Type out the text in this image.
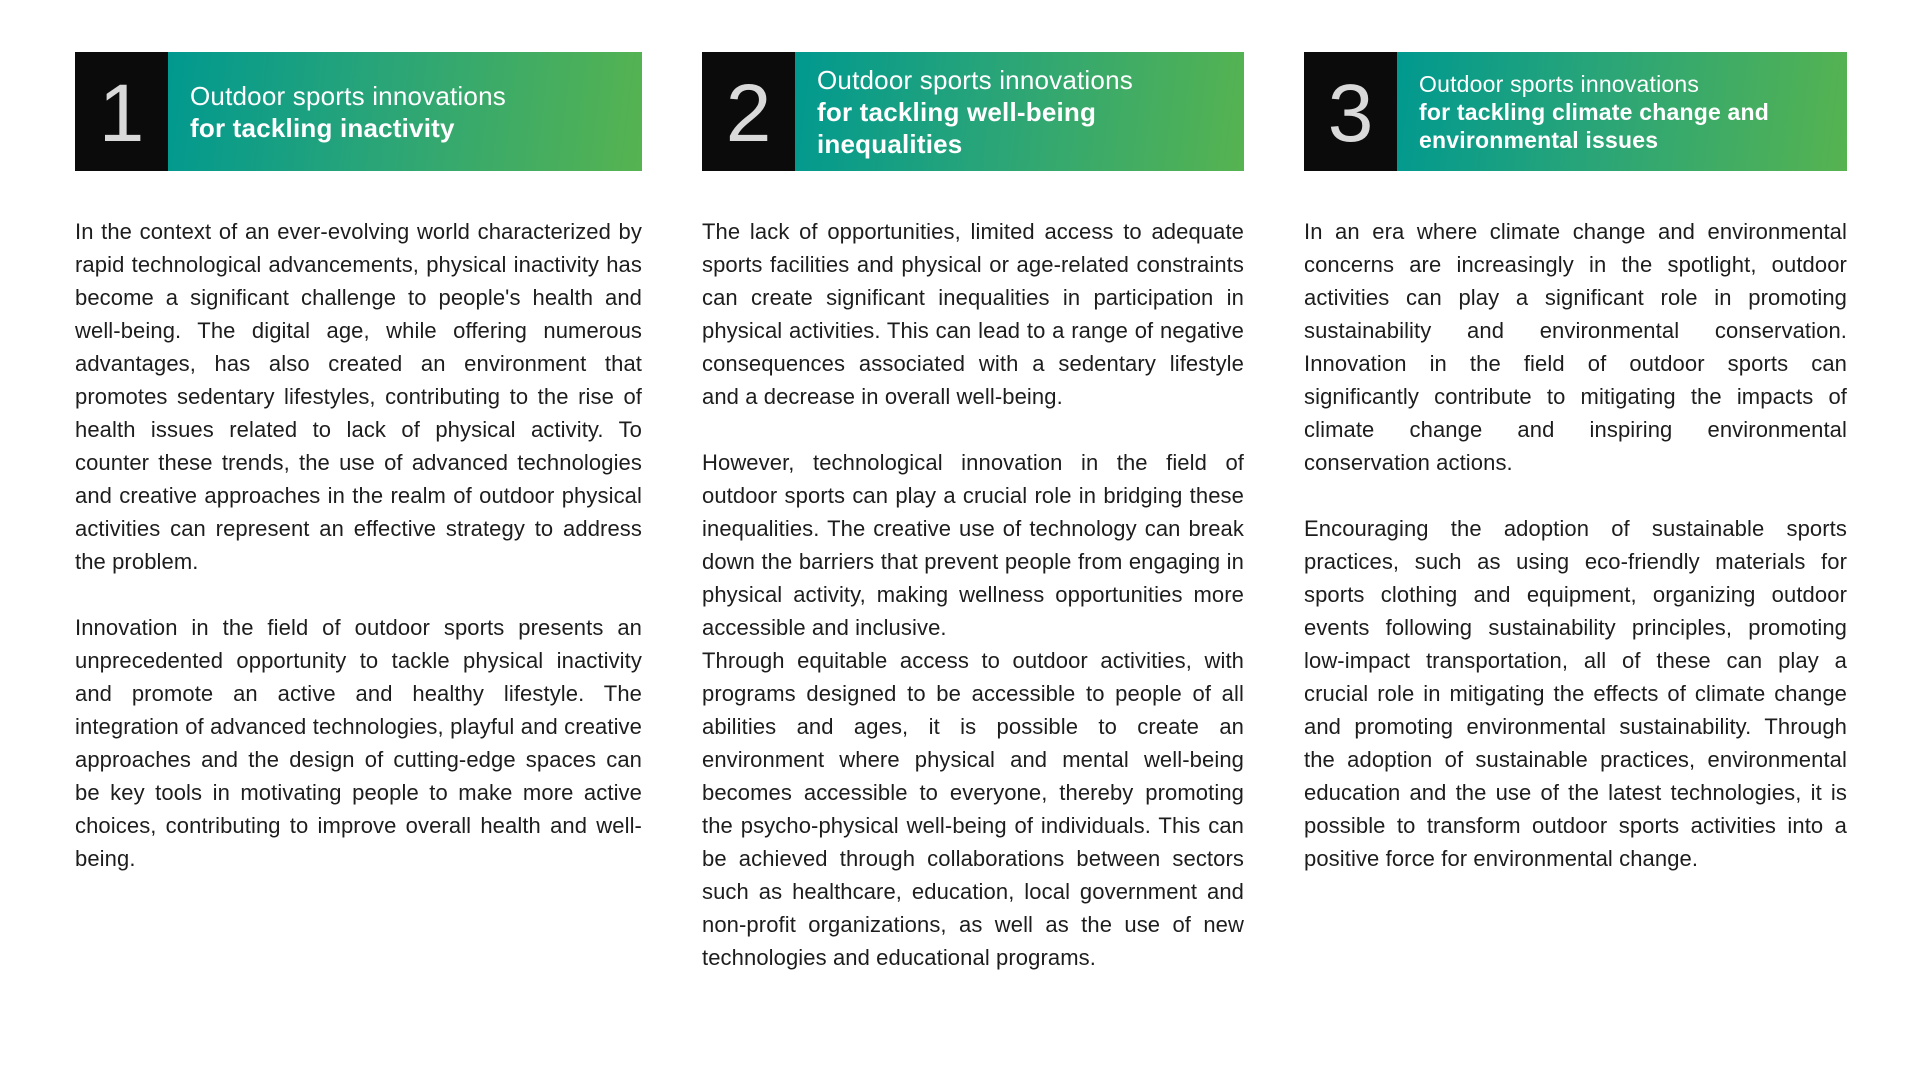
1 Outdoor sports innovations
for tackling inactivity

In the context of an ever-evolving world characterized by rapid technological advancements, physical inactivity has become a significant challenge to people's health and well-being. The digital age, while offering numerous advantages, has also created an environment that promotes sedentary lifestyles, contributing to the rise of health issues related to lack of physical activity. To counter these trends, the use of advanced technologies and creative approaches in the realm of outdoor physical activities can represent an effective strategy to address the problem.

Innovation in the field of outdoor sports presents an unprecedented opportunity to tackle physical inactivity and promote an active and healthy lifestyle. The integration of advanced technologies, playful and creative approaches and the design of cutting-edge spaces can be key tools in motivating people to make more active choices, contributing to improve overall health and well-being.

2 Outdoor sports innovations
for tackling well-being inequalities

The lack of opportunities, limited access to adequate sports facilities and physical or age-related constraints can create significant inequalities in participation in physical activities. This can lead to a range of negative consequences associated with a sedentary lifestyle and a decrease in overall well-being.

However, technological innovation in the field of outdoor sports can play a crucial role in bridging these inequalities. The creative use of technology can break down the barriers that prevent people from engaging in physical activity, making wellness opportunities more accessible and inclusive.

Through equitable access to outdoor activities, with programs designed to be accessible to people of all abilities and ages, it is possible to create an environment where physical and mental well-being becomes accessible to everyone, thereby promoting the psycho-physical well-being of individuals. This can be achieved through collaborations between sectors such as healthcare, education, local government and non-profit organizations, as well as the use of new technologies and educational programs.

3 Outdoor sports innovations
for tackling climate change and environmental issues

In an era where climate change and environmental concerns are increasingly in the spotlight, outdoor activities can play a significant role in promoting sustainability and environmental conservation. Innovation in the field of outdoor sports can significantly contribute to mitigating the impacts of climate change and inspiring environmental conservation actions.

Encouraging the adoption of sustainable sports practices, such as using eco-friendly materials for sports clothing and equipment, organizing outdoor events following sustainability principles, promoting low-impact transportation, all of these can play a crucial role in mitigating the effects of climate change and promoting environmental sustainability. Through the adoption of sustainable practices, environmental education and the use of the latest technologies, it is possible to transform outdoor sports activities into a positive force for environmental change.
